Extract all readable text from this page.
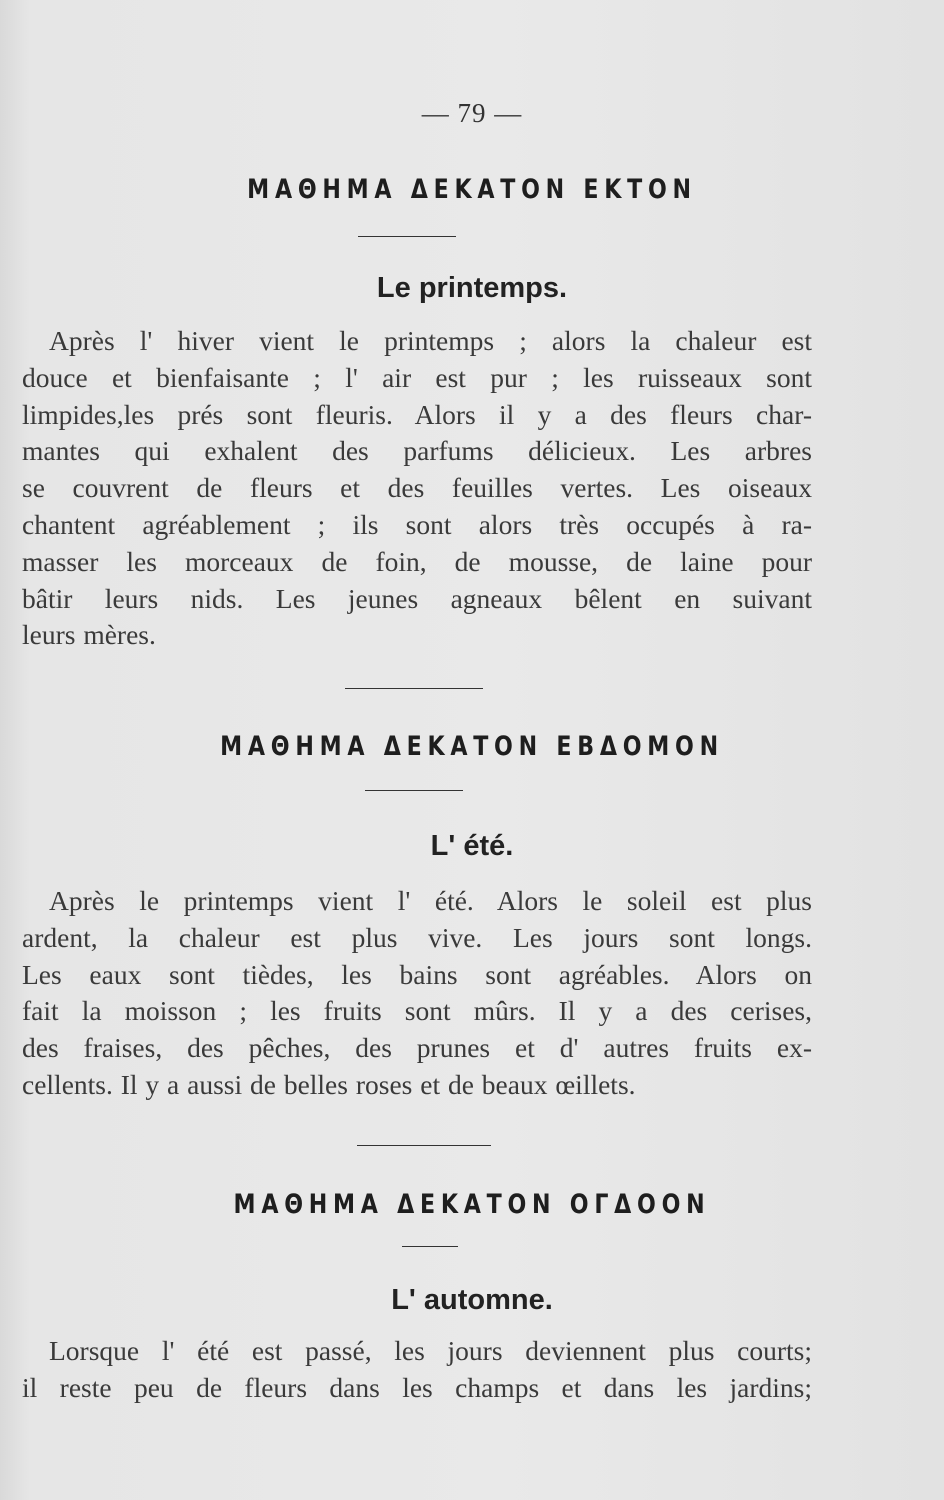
— 79 —
ΜΑΘΗΜΑ ΔΕΚΑΤΟΝ ΕΚΤΟΝ
Le printemps.
Après l' hiver vient le printemps ; alors la chaleur est
douce et bienfaisante ; l' air est pur ; les ruisseaux sont
limpides,les prés sont fleuris. Alors il y a des fleurs char-
mantes qui exhalent des parfums délicieux. Les arbres
se couvrent de fleurs et des feuilles vertes. Les oiseaux
chantent agréablement ; ils sont alors très occupés à ra-
masser les morceaux de foin, de mousse, de laine pour
bâtir leurs nids. Les jeunes agneaux bêlent en suivant
leurs mères.
ΜΑΘΗΜΑ ΔΕΚΑΤΟΝ ΕΒΔΟΜΟΝ
L' été.
Après le printemps vient l' été. Alors le soleil est plus
ardent, la chaleur est plus vive. Les jours sont longs.
Les eaux sont tièdes, les bains sont agréables. Alors on
fait la moisson ; les fruits sont mûrs. Il y a des cerises,
des fraises, des pêches, des prunes et d' autres fruits ex-
cellents. Il y a aussi de belles roses et de beaux œillets.
ΜΑΘΗΜΑ ΔΕΚΑΤΟΝ ΟΓΔΟΟΝ
L' automne.
Lorsque l' été est passé, les jours deviennent plus courts;
il reste peu de fleurs dans les champs et dans les jardins;
